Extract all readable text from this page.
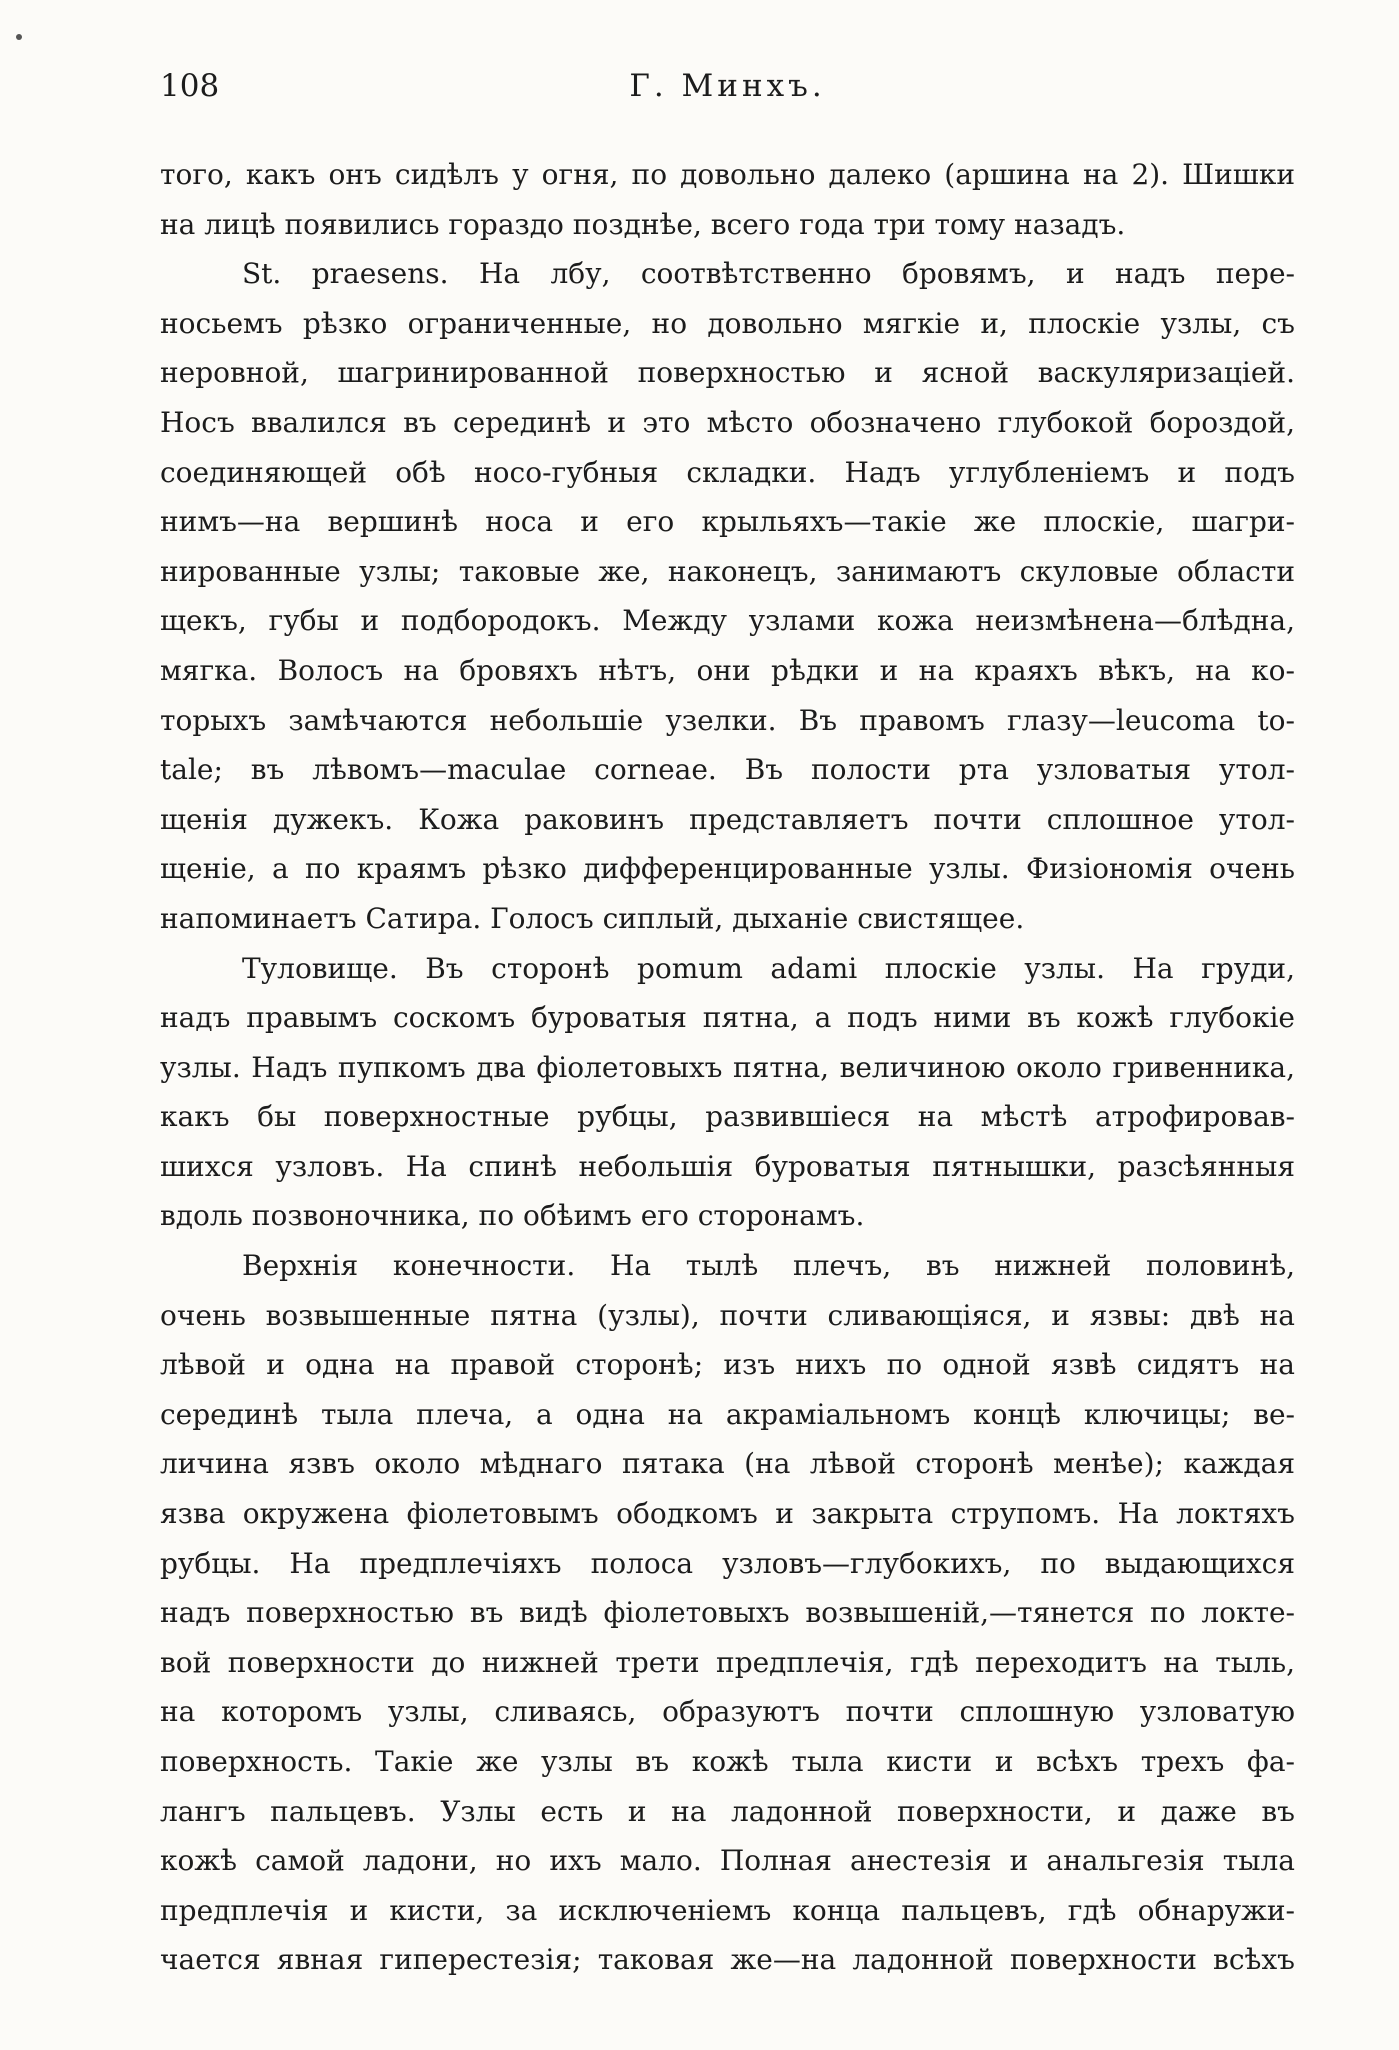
108	Г. Минхъ.
того, какъ онъ сидѣлъ у огня, по довольно далеко (аршина на 2). Шишки
на лицѣ появились гораздо позднѣе, всего года три тому назадъ.
St. praesens. На лбу, соотвѣтственно бровямъ, и надъ пере-
носьемъ рѣзко ограниченные, но довольно мягкіе и, плоскіе узлы, съ
неровной, шагринированной поверхностью и ясной васкуляризаціей.
Носъ ввалился въ серединѣ и это мѣсто обозначено глубокой бороздой,
соединяющей обѣ носо-губныя складки. Надъ углубленіемъ и подъ
нимъ—на вершинѣ носа и его крыльяхъ—такіе же плоскіе, шагри-
нированные узлы; таковые же, наконецъ, занимаютъ скуловые области
щекъ, губы и подбородокъ. Между узлами кожа неизмѣнена—блѣдна,
мягка. Волосъ на бровяхъ нѣтъ, они рѣдки и на краяхъ вѣкъ, на ко-
торыхъ замѣчаются небольшіе узелки. Въ правомъ глазу—leucoma to-
tale; въ лѣвомъ—maculae corneae. Въ полости рта узловатыя утол-
щенія дужекъ. Кожа раковинъ представляетъ почти сплошное утол-
щеніе, а по краямъ рѣзко дифференцированные узлы. Физіономія очень
напоминаетъ Сатира. Голосъ сиплый, дыханіе свистящее.
Туловище. Въ сторонѣ pomum adami плоскіе узлы. На груди,
надъ правымъ соскомъ буроватыя пятна, а подъ ними въ кожѣ глубокіе
узлы. Надъ пупкомъ два фіолетовыхъ пятна, величиною около гривенника,
какъ бы поверхностные рубцы, развившіеся на мѣстѣ атрофировав-
шихся узловъ. На спинѣ небольшія буроватыя пятнышки, разсѣянныя
вдоль позвоночника, по обѣимъ его сторонамъ.
Верхнія конечности. На тылѣ плечъ, въ нижней половинѣ,
очень возвышенные пятна (узлы), почти сливающіяся, и язвы: двѣ на
лѣвой и одна на правой сторонѣ; изъ нихъ по одной язвѣ сидятъ на
серединѣ тыла плеча, а одна на акраміальномъ концѣ ключицы; ве-
личина язвъ около мѣднаго пятака (на лѣвой сторонѣ менѣе); каждая
язва окружена фіолетовымъ ободкомъ и закрыта струпомъ. На локтяхъ
рубцы. На предплечіяхъ полоса узловъ—глубокихъ, по выдающихся
надъ поверхностью въ видѣ фіолетовыхъ возвышеній,—тянется по локте-
вой поверхности до нижней трети предплечія, гдѣ переходитъ на тыль,
на которомъ узлы, сливаясь, образуютъ почти сплошную узловатую
поверхность. Такіе же узлы въ кожѣ тыла кисти и всѣхъ трехъ фа-
лангъ пальцевъ. Узлы есть и на ладонной поверхности, и даже въ
кожѣ самой ладони, но ихъ мало. Полная анестезія и анальгезія тыла
предплечія и кисти, за исключеніемъ конца пальцевъ, гдѣ обнаружи-
чается явная гиперестезія; таковая же—на ладонной поверхности всѣхъ
